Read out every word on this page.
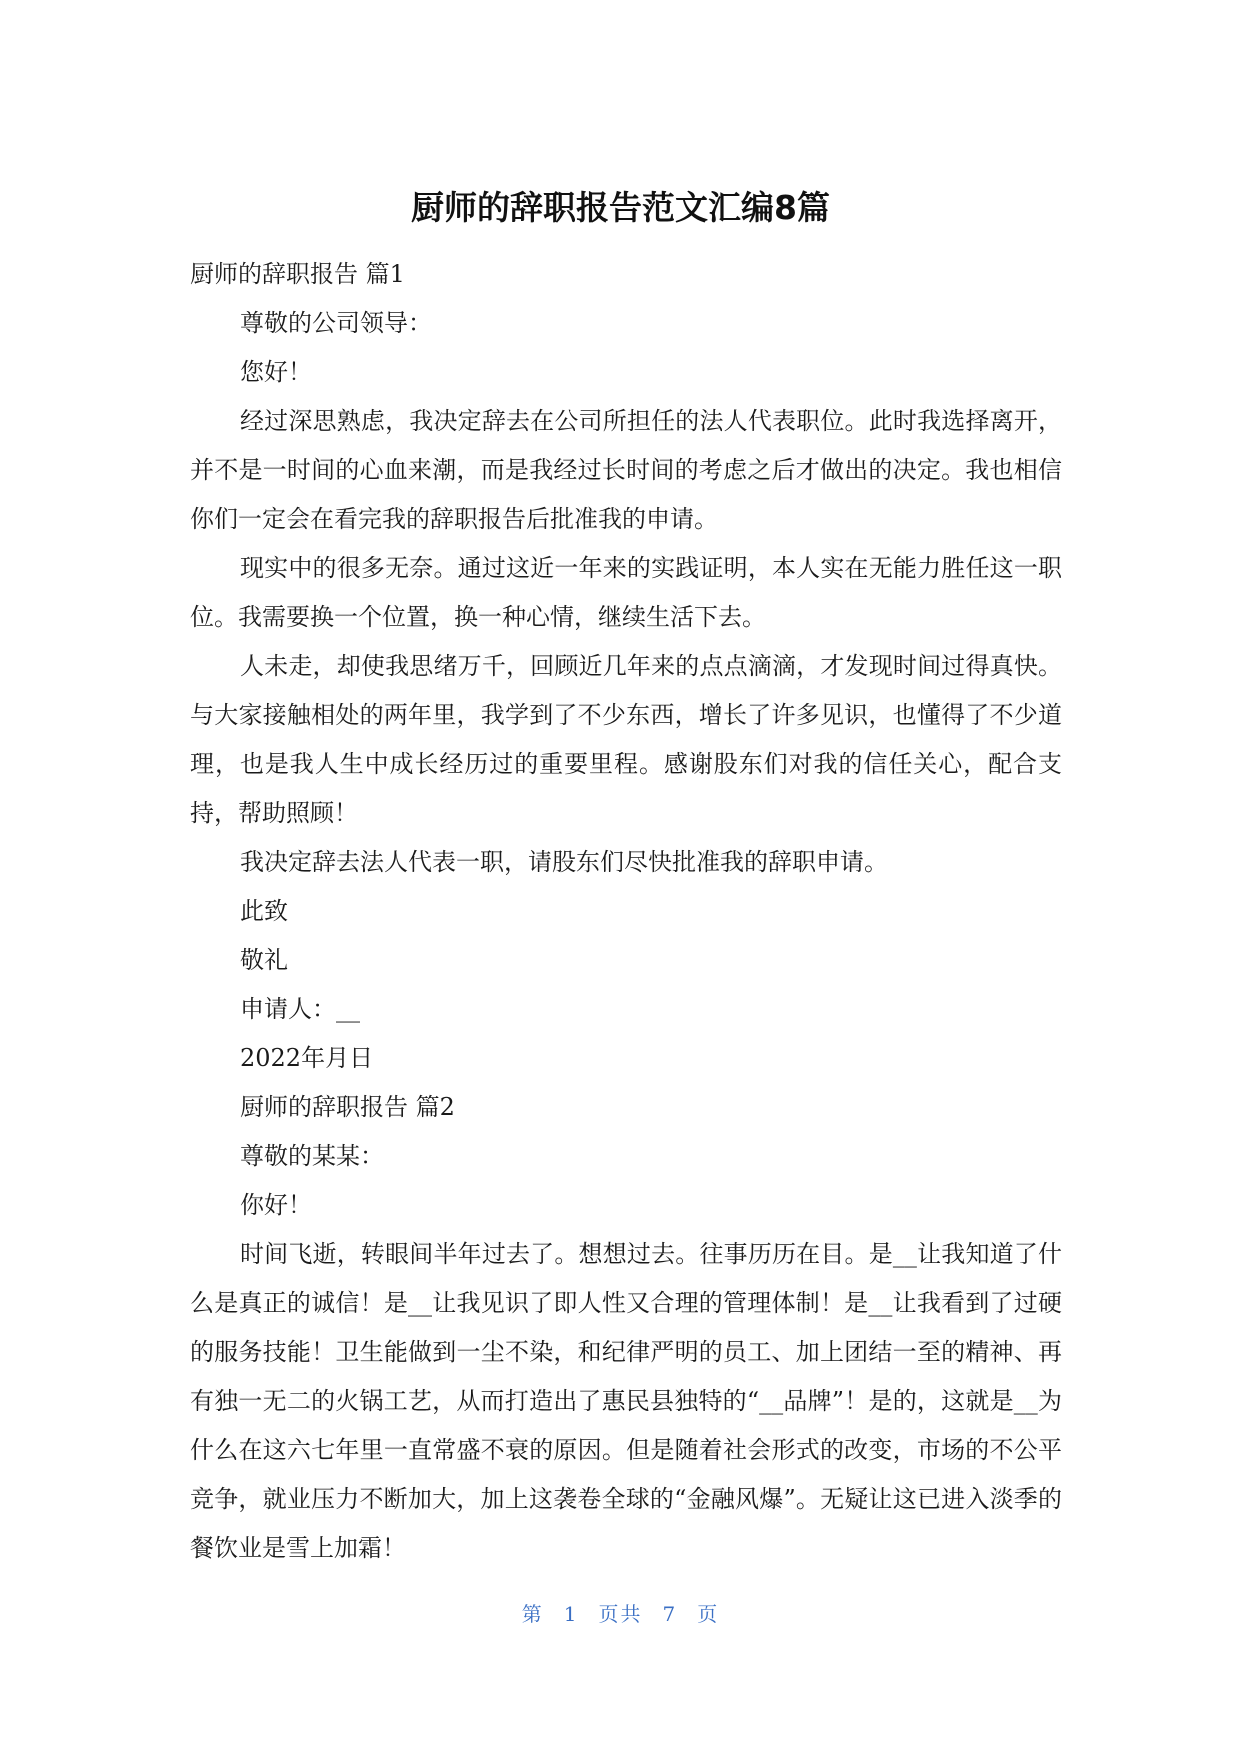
厨师的辞职报告范文汇编8篇

厨师的辞职报告 篇1

尊敬的公司领导：

您好！

经过深思熟虑，我决定辞去在公司所担任的法人代表职位。此时我选择离开，并不是一时间的心血来潮，而是我经过长时间的考虑之后才做出的决定。我也相信你们一定会在看完我的辞职报告后批准我的申请。

现实中的很多无奈。通过这近一年来的实践证明，本人实在无能力胜任这一职位。我需要换一个位置，换一种心情，继续生活下去。

人未走，却使我思绪万千，回顾近几年来的点点滴滴，才发现时间过得真快。与大家接触相处的两年里，我学到了不少东西，增长了许多见识，也懂得了不少道理，也是我人生中成长经历过的重要里程。感谢股东们对我的信任关心，配合支持，帮助照顾！

我决定辞去法人代表一职，请股东们尽快批准我的辞职申请。

此致

敬礼

申请人：__

2022年月日

厨师的辞职报告 篇2

尊敬的某某：

你好！

时间飞逝，转眼间半年过去了。想想过去。往事历历在目。是__让我知道了什么是真正的诚信！是__让我见识了即人性又合理的管理体制！是__让我看到了过硬的服务技能！卫生能做到一尘不染，和纪律严明的员工、加上团结一至的精神、再有独一无二的火锅工艺，从而打造出了惠民县独特的“__品牌”！是的，这就是__为什么在这六七年里一直常盛不衰的原因。但是随着社会形式的改变，市场的不公平竞争，就业压力不断加大，加上这袭卷全球的“金融风爆”。无疑让这已进入淡季的餐饮业是雪上加霜！

第 1 页共 7 页
